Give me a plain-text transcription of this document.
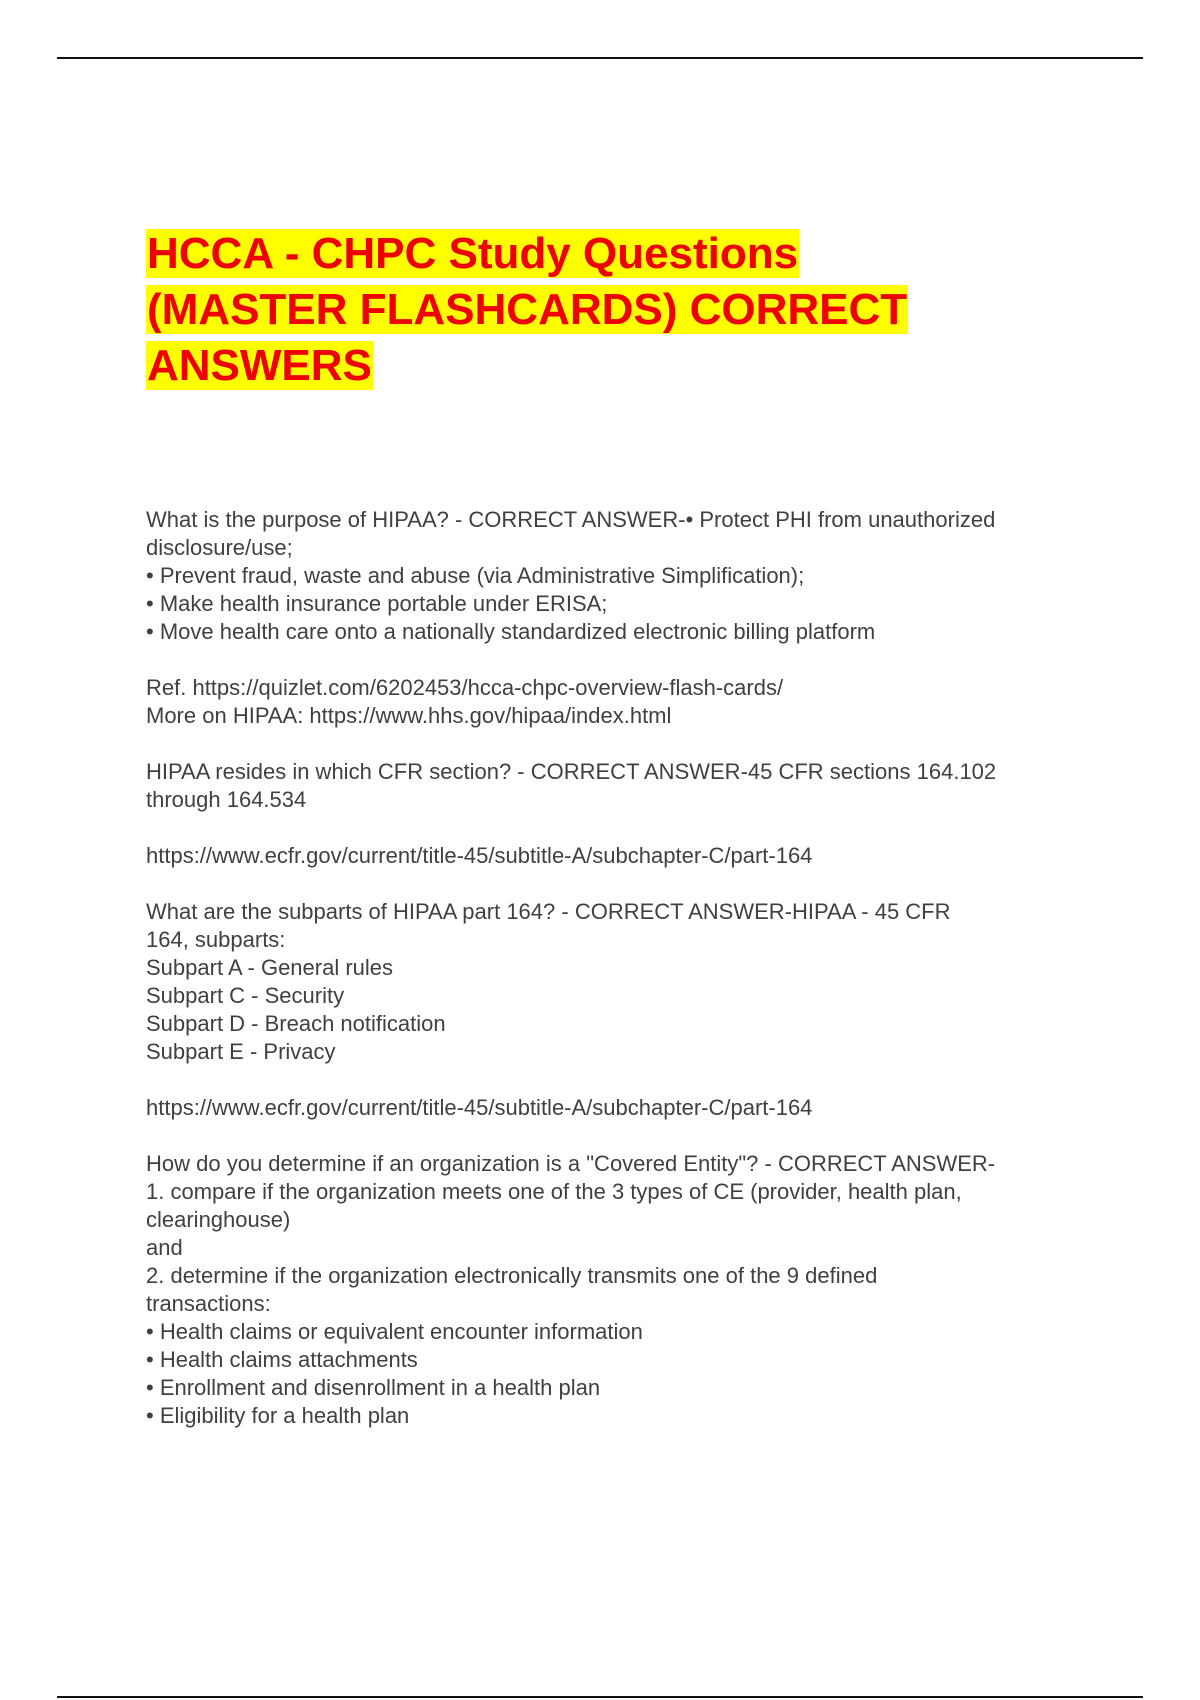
HCCA - CHPC Study Questions
(MASTER FLASHCARDS) CORRECT
ANSWERS

What is the purpose of HIPAA? - CORRECT ANSWER-• Protect PHI from unauthorized

disclosure/use;

• Prevent fraud, waste and abuse (via Administrative Simplification);

• Make health insurance portable under ERISA;

• Move health care onto a nationally standardized electronic billing platform

Ref. https://quizlet.com/6202453/hcca-chpc-overview-flash-cards/

More on HIPAA: https://www.hhs.gov/hipaa/index.html

HIPAA resides in which CFR section? - CORRECT ANSWER-45 CFR sections 164.102

through 164.534

https://www.ecfr.gov/current/title-45/subtitle-A/subchapter-C/part-164

What are the subparts of HIPAA part 164? - CORRECT ANSWER-HIPAA - 45 CFR

164, subparts:

Subpart A - General rules

Subpart C - Security

Subpart D - Breach notification

Subpart E - Privacy

https://www.ecfr.gov/current/title-45/subtitle-A/subchapter-C/part-164

How do you determine if an organization is a "Covered Entity"? - CORRECT ANSWER-

1. compare if the organization meets one of the 3 types of CE (provider, health plan,

clearinghouse)

and

2. determine if the organization electronically transmits one of the 9 defined

transactions:

• Health claims or equivalent encounter information

• Health claims attachments

• Enrollment and disenrollment in a health plan

• Eligibility for a health plan
